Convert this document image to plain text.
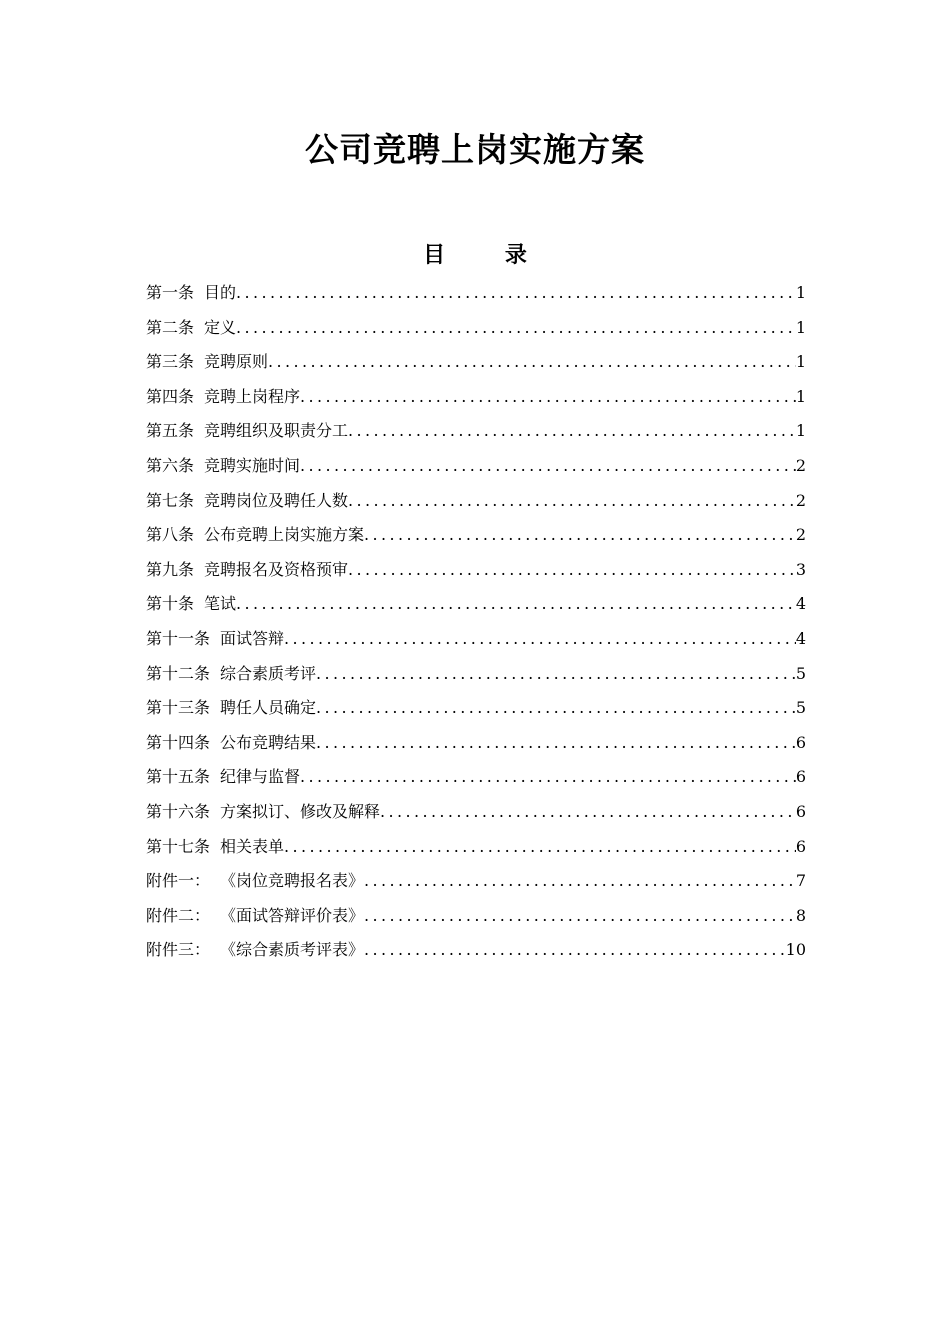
公司竞聘上岗实施方案
目 录
第一条 目的 .....	1
第二条 定义 .....	1
第三条 竞聘原则 .....	1
第四条 竞聘上岗程序 .....	1
第五条 竞聘组织及职责分工 .....	1
第六条 竞聘实施时间 .....	2
第七条 竞聘岗位及聘任人数 .....	2
第八条 公布竞聘上岗实施方案 .....	2
第九条 竞聘报名及资格预审 .....	3
第十条 笔试 .....	4
第十一条 面试答辩 .....	4
第十二条 综合素质考评 .....	5
第十三条 聘任人员确定 .....	5
第十四条 公布竞聘结果 .....	6
第十五条 纪律与监督 .....	6
第十六条 方案拟订、修改及解释 .....	6
第十七条 相关表单 .....	6
附件一： 《岗位竞聘报名表》 .....	7
附件二： 《面试答辩评价表》 .....	8
附件三： 《综合素质考评表》 .....	10
